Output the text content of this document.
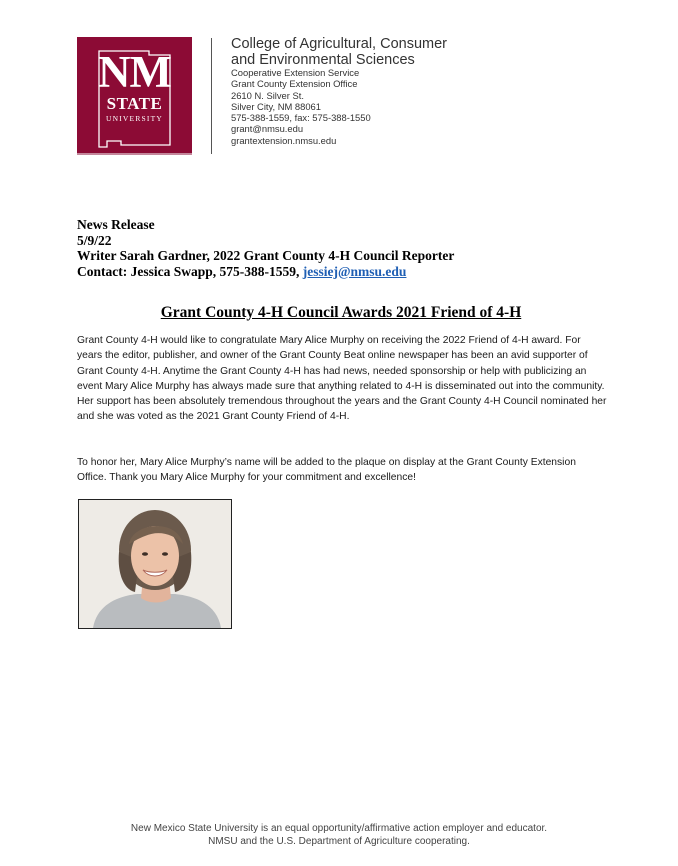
NM
STATE
UNIVERSITY
College of Agricultural, Consumer
and Environmental Sciences
Cooperative Extension Service
Grant County Extension Office
2610 N. Silver St.
Silver City, NM 88061
575-388-1559, fax: 575-388-1550
grant@nmsu.edu
grantextension.nmsu.edu
News Release
5/9/22
Writer Sarah Gardner, 2022 Grant County 4-H Council Reporter
Contact: Jessica Swapp, 575-388-1559, jessiej@nmsu.edu
Grant County 4-H Council Awards 2021 Friend of 4-H
Grant County 4-H would like to congratulate Mary Alice Murphy on receiving the 2022 Friend of 4-H award. For years the editor, publisher, and owner of the Grant County Beat online newspaper has been an avid supporter of Grant County 4-H. Anytime the Grant County 4-H has had news, needed sponsorship or help with publicizing an event Mary Alice Murphy has always made sure that anything related to 4-H is disseminated out into the community. Her support has been absolutely tremendous throughout the years and the Grant County 4-H Council nominated her and she was voted as the 2021 Grant County Friend of 4-H.
To honor her, Mary Alice Murphy’s name will be added to the plaque on display at the Grant County Extension Office. Thank you Mary Alice Murphy for your commitment and excellence!
New Mexico State University is an equal opportunity/affirmative action employer and educator.
NMSU and the U.S. Department of Agriculture cooperating.
